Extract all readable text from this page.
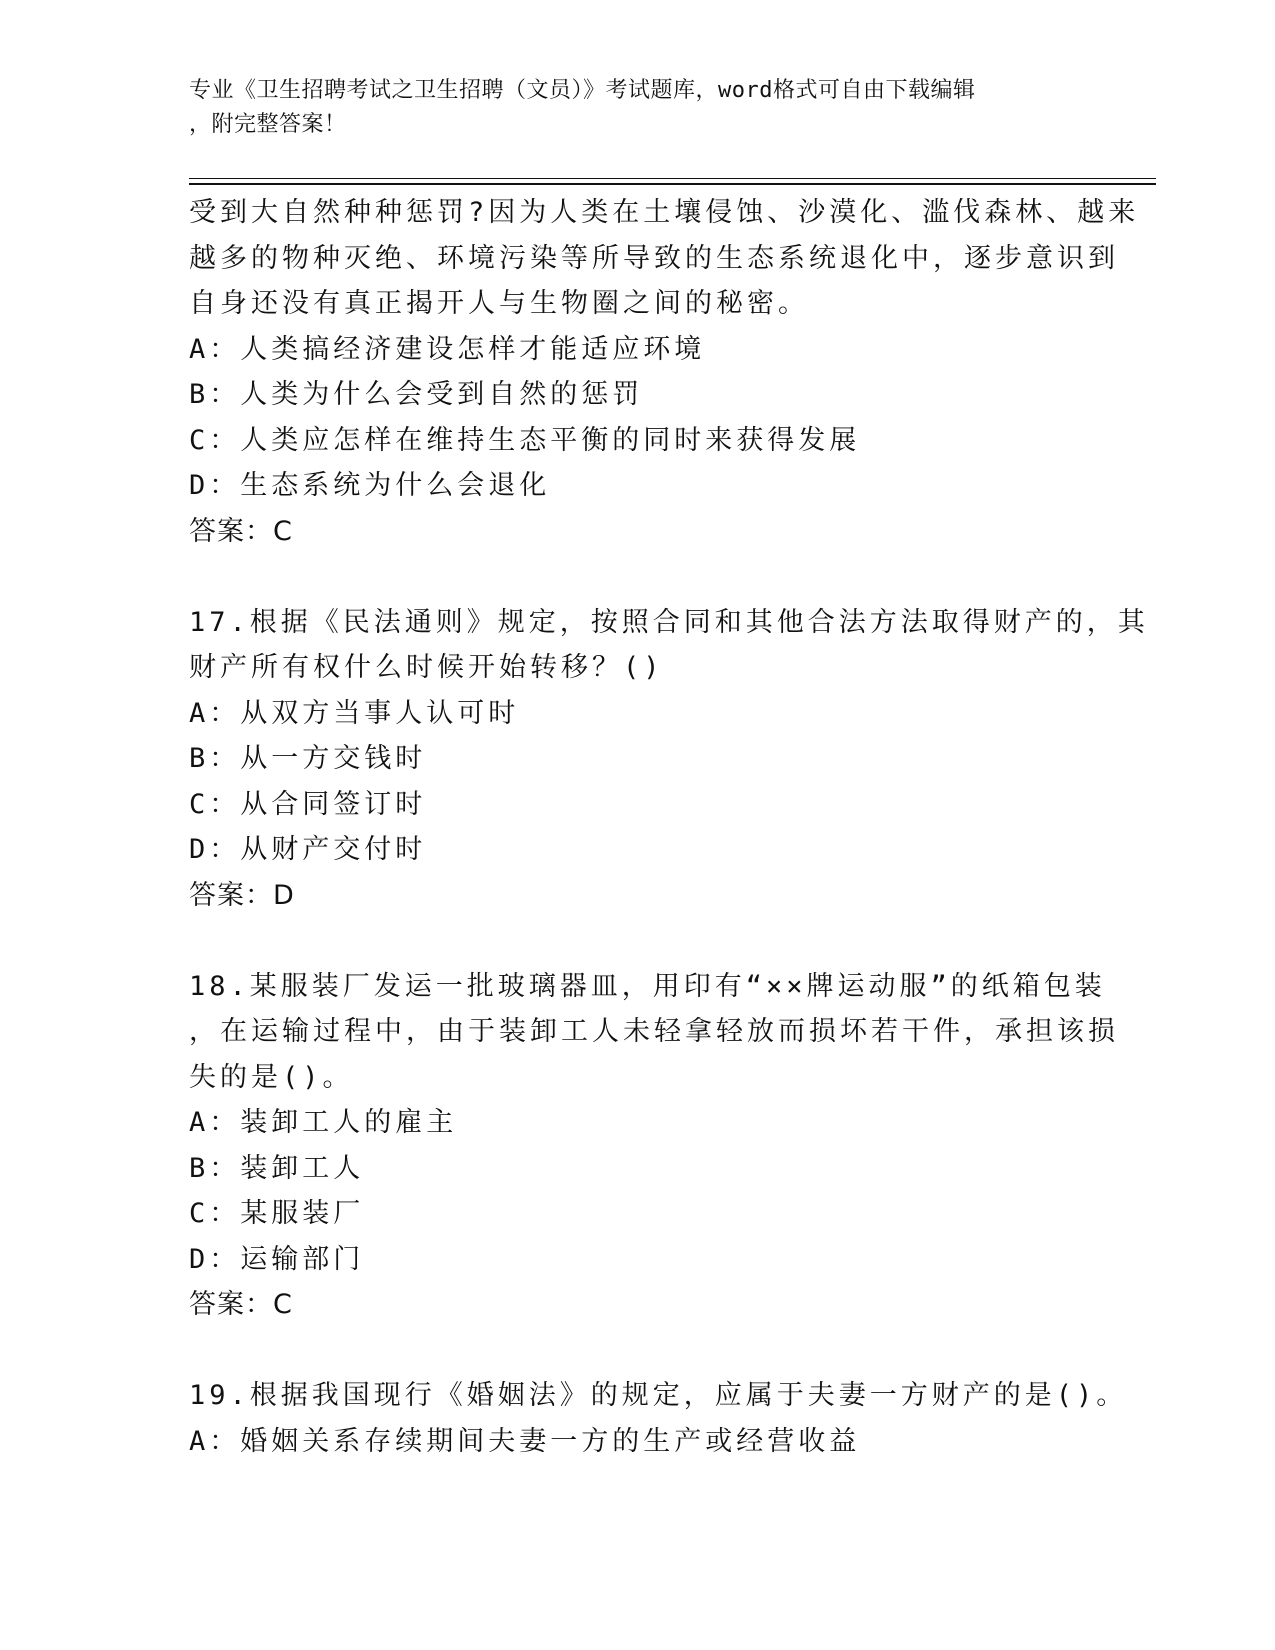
专业《卫生招聘考试之卫生招聘（文员）》考试题库，word格式可自由下载编辑
，附完整答案！
受到大自然种种惩罚?因为人类在土壤侵蚀、沙漠化、滥伐森林、越来
越多的物种灭绝、环境污染等所导致的生态系统退化中，逐步意识到
自身还没有真正揭开人与生物圈之间的秘密。
A：人类搞经济建设怎样才能适应环境
B：人类为什么会受到自然的惩罚
C：人类应怎样在维持生态平衡的同时来获得发展
D：生态系统为什么会退化
答案：C
17.根据《民法通则》规定，按照合同和其他合法方法取得财产的，其
财产所有权什么时候开始转移？()
A：从双方当事人认可时
B：从一方交钱时
C：从合同签订时
D：从财产交付时
答案：D
18.某服装厂发运一批玻璃器皿，用印有“××牌运动服”的纸箱包装
，在运输过程中，由于装卸工人未轻拿轻放而损坏若干件，承担该损
失的是()。
A：装卸工人的雇主
B：装卸工人
C：某服装厂
D：运输部门
答案：C
19.根据我国现行《婚姻法》的规定，应属于夫妻一方财产的是()。
A：婚姻关系存续期间夫妻一方的生产或经营收益
